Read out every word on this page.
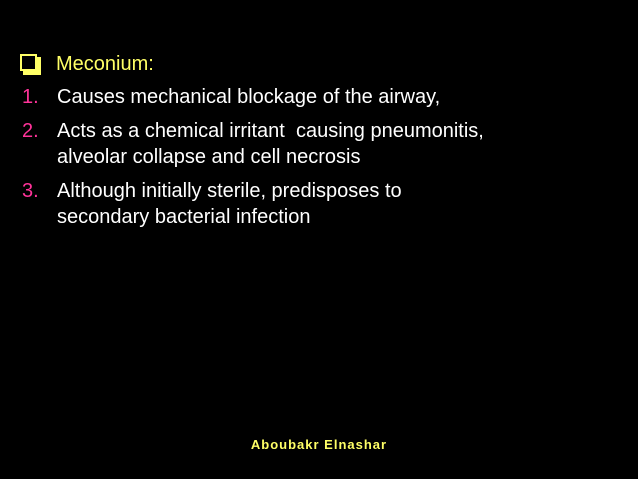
Meconium:
1. Causes mechanical blockage of the airway,
2. Acts as a chemical irritant  causing pneumonitis,
alveolar collapse and cell necrosis
3. Although initially sterile, predisposes to
secondary bacterial infection
Aboubakr Elnashar
